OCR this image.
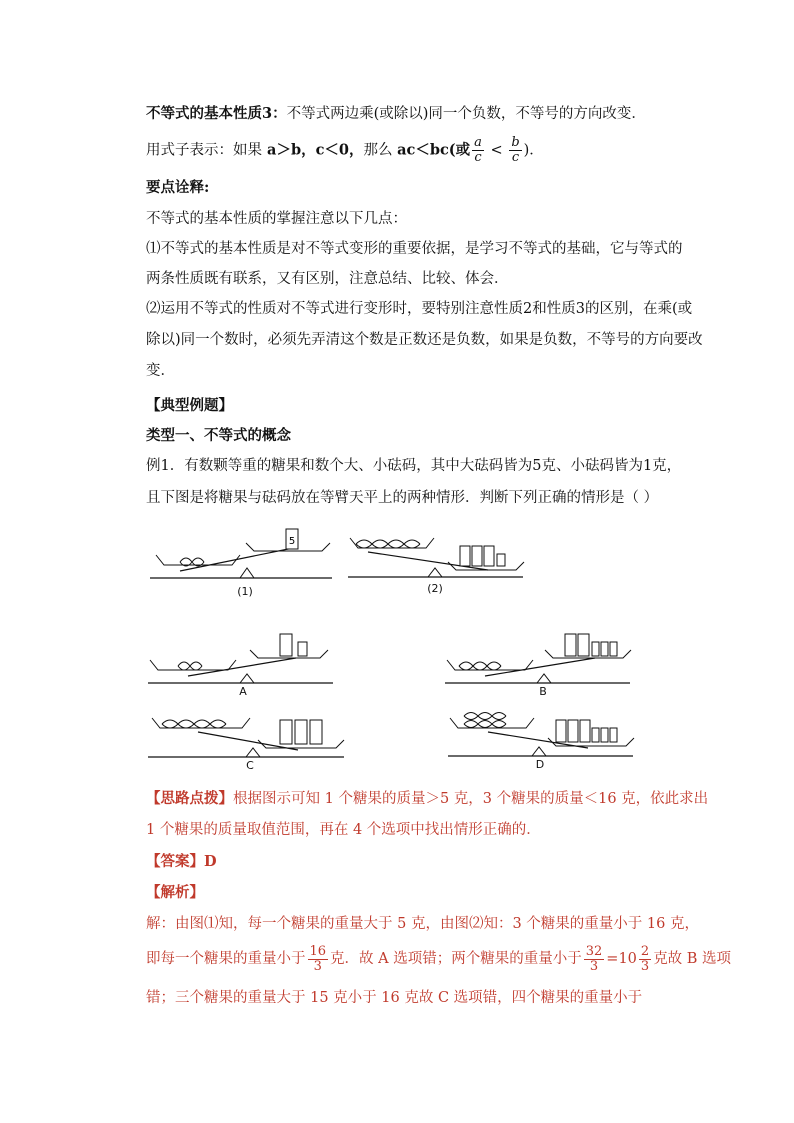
不等式的基本性质3：不等式两边乘(或除以)同一个负数，不等号的方向改变．
用式子表示：如果 a＞b，c＜0，那么 ac＜bc(或 $\frac{a}{c} < \frac{b}{c}$ )．
要点诠释:
不等式的基本性质的掌握注意以下几点：
⑴不等式的基本性质是对不等式变形的重要依据，是学习不等式的基础，它与等式的
两条性质既有联系，又有区别，注意总结、比较、体会．
⑵运用不等式的性质对不等式进行变形时，要特别注意性质2和性质3的区别，在乘(或
除以)同一个数时，必须先弄清这个数是正数还是负数，如果是负数，不等号的方向要改
变．
【典型例题】
类型一、不等式的概念
例1．有数颗等重的糖果和数个大、小砝码，其中大砝码皆为5克、小砝码皆为1克，
且下图是将糖果与砝码放在等臂天平上的两种情形．判断下列正确的情形是（ ）
5
(1)	(2)
A	B
C	D
【思路点拨】根据图示可知 1 个糖果的质量＞5 克，3 个糖果的质量＜16 克，依此求出
1 个糖果的质量取值范围，再在 4 个选项中找出情形正确的．
【答案】D
【解析】
解：由图⑴知，每一个糖果的重量大于 5 克，由图⑵知：3 个糖果的重量小于 16 克，
即每一个糖果的重量小于 $\frac{16}{3}$ 克．故 A 选项错；两个糖果的重量小于 $\frac{32}{3} =10 \frac{2}{3}$ 克故 B 选项
错；三个糖果的重量大于 15 克小于 16 克故 C 选项错，四个糖果的重量小于
